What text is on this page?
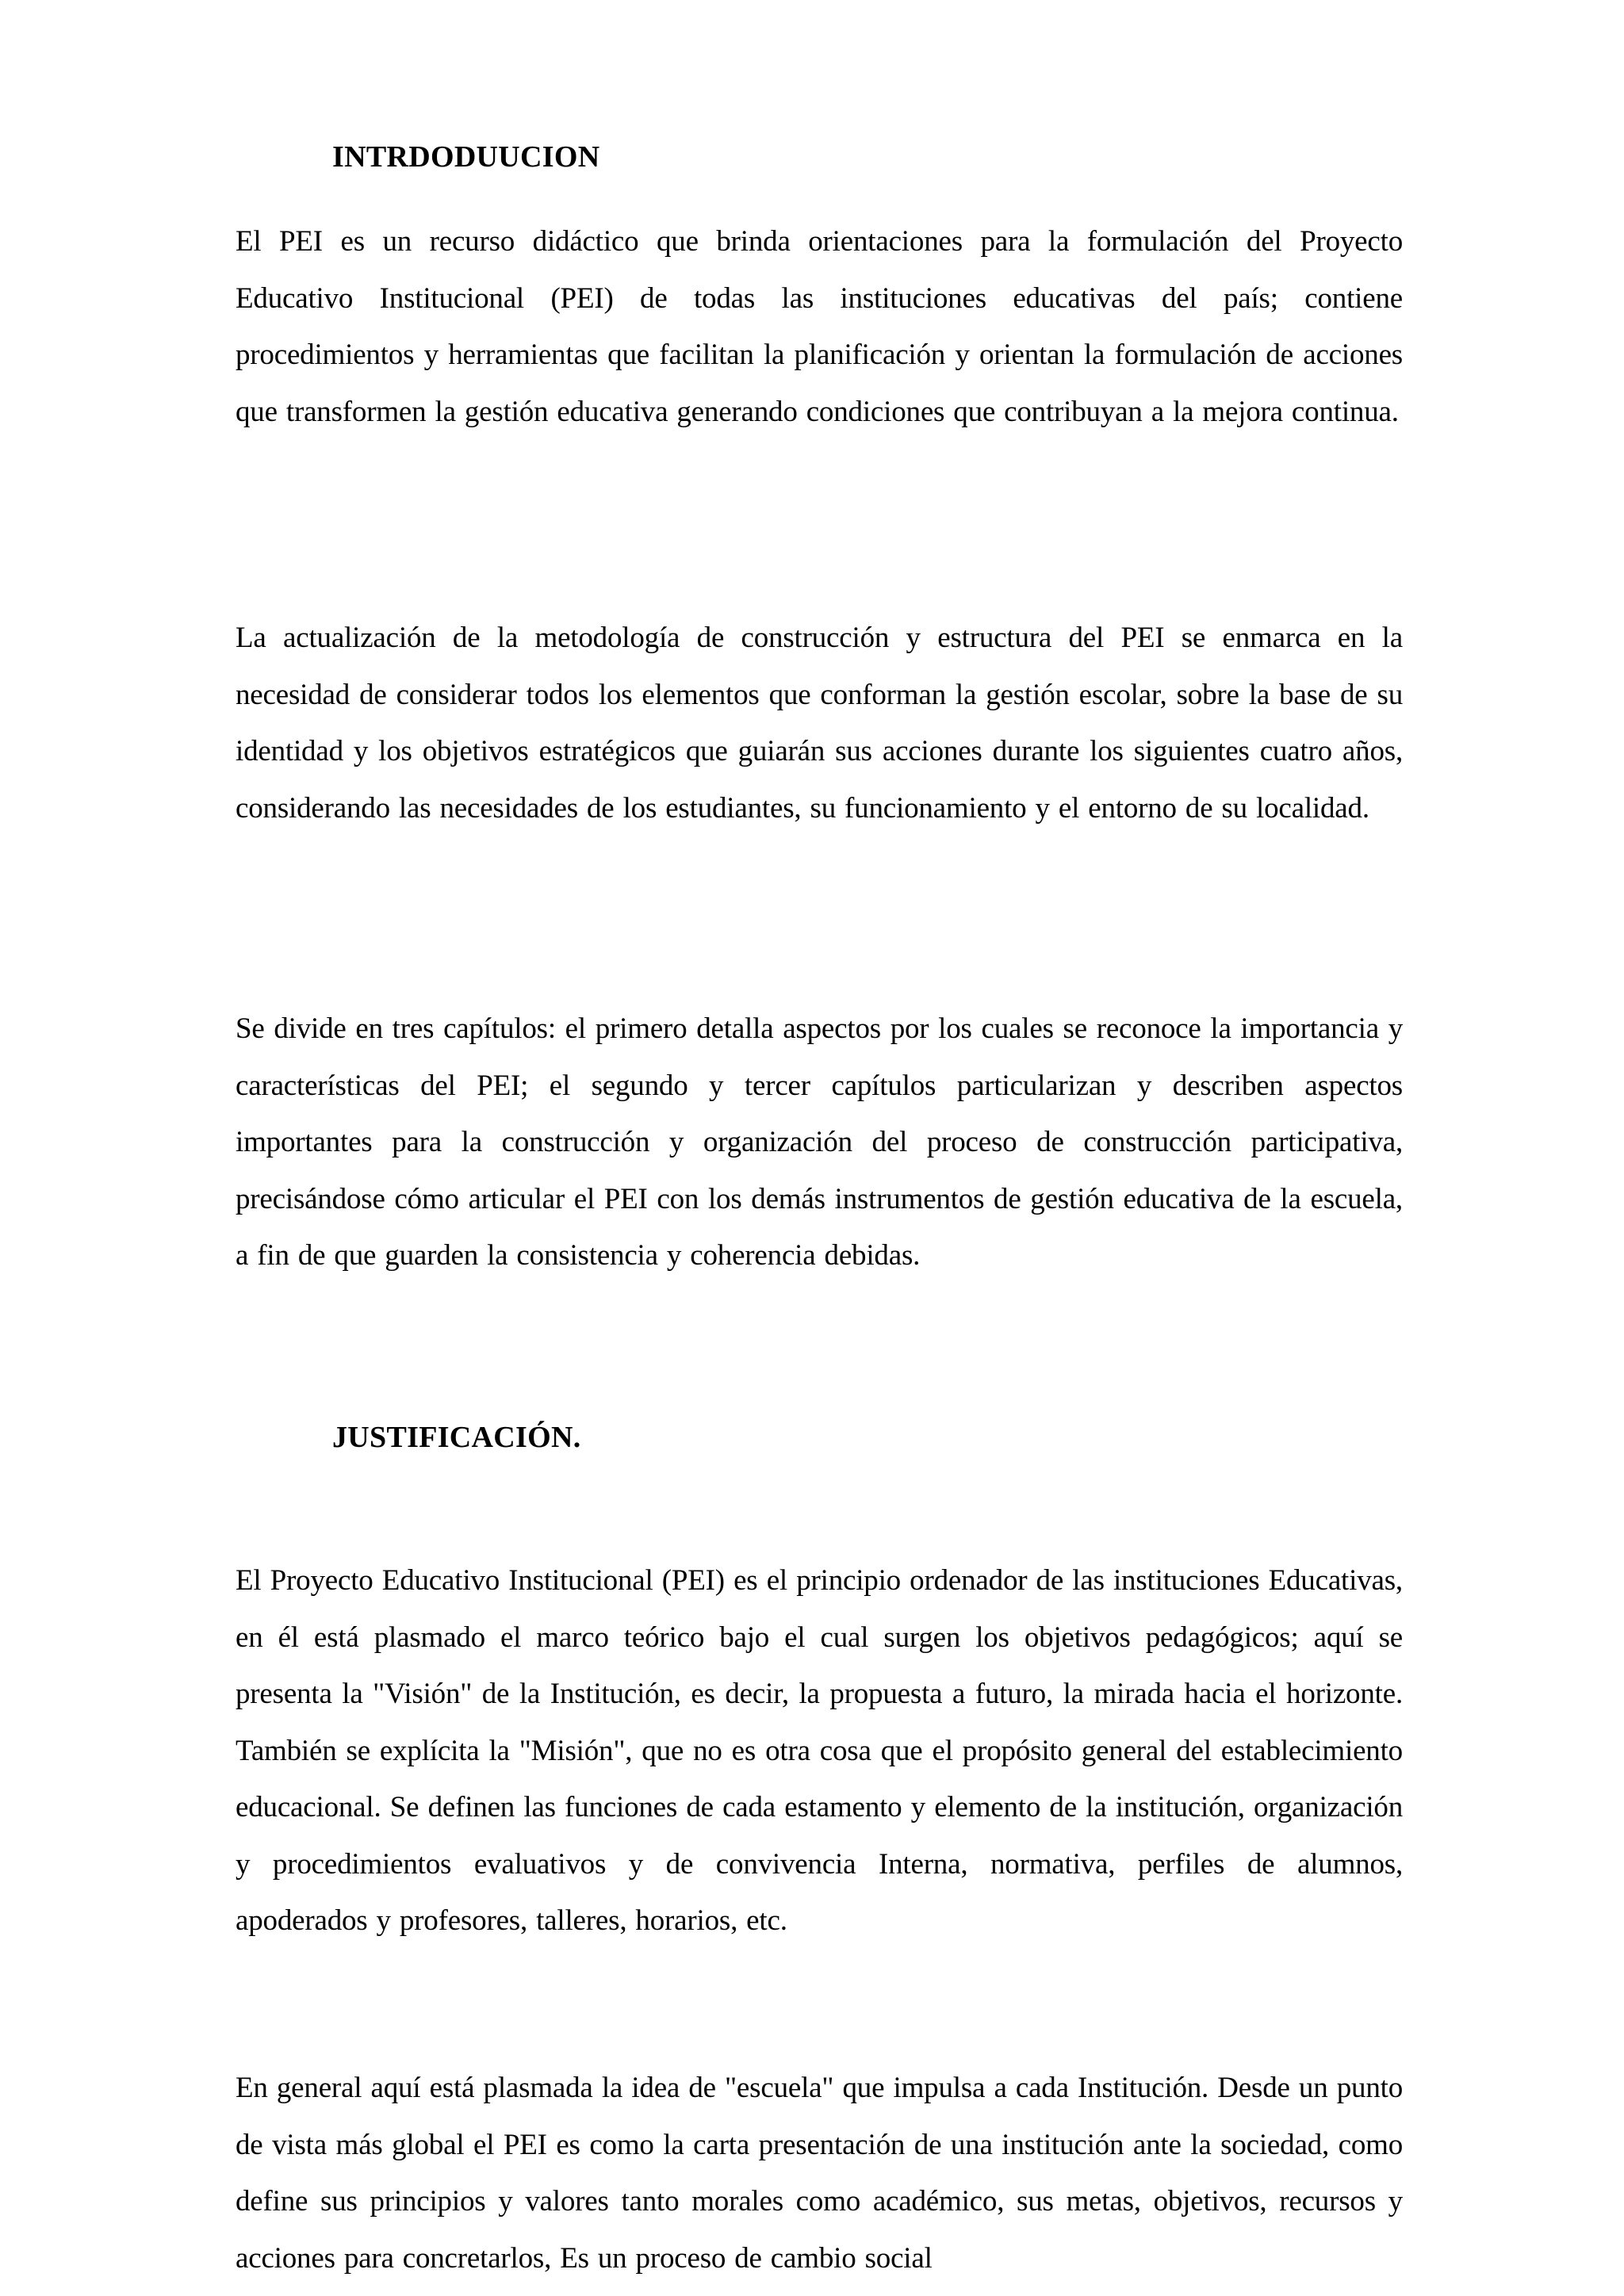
INTRDODUUCION

El PEI es un recurso didáctico que brinda orientaciones para la formulación del Proyecto Educativo Institucional (PEI) de todas las instituciones educativas del país; contiene procedimientos y herramientas que facilitan la planificación y orientan la formulación de acciones que transformen la gestión educativa generando condiciones que contribuyan a la mejora continua.

La actualización de la metodología de construcción y estructura del PEI se enmarca en la necesidad de considerar todos los elementos que conforman la gestión escolar, sobre la base de su identidad y los objetivos estratégicos que guiarán sus acciones durante los siguientes cuatro años, considerando las necesidades de los estudiantes, su funcionamiento y el entorno de su localidad.

Se divide en tres capítulos: el primero detalla aspectos por los cuales se reconoce la importancia y características del PEI; el segundo y tercer capítulos particularizan y describen aspectos importantes para la construcción y organización del proceso de construcción participativa, precisándose cómo articular el PEI con los demás instrumentos de gestión educativa de la escuela, a fin de que guarden la consistencia y coherencia debidas.

JUSTIFICACIÓN.

El Proyecto Educativo Institucional (PEI) es el principio ordenador de las instituciones Educativas, en él está plasmado el marco teórico bajo el cual surgen los objetivos pedagógicos; aquí se presenta la "Visión" de la Institución, es decir, la propuesta a futuro, la mirada hacia el horizonte. También se explícita la "Misión", que no es otra cosa que el propósito general del establecimiento educacional. Se definen las funciones de cada estamento y elemento de la institución, organización y procedimientos evaluativos y de convivencia Interna, normativa, perfiles de alumnos, apoderados y profesores, talleres, horarios, etc.

En general aquí está plasmada la idea de "escuela" que impulsa a cada Institución. Desde un punto de vista más global el PEI es como la carta presentación de una institución ante la sociedad, como define sus principios y valores tanto morales como académico, sus metas, objetivos, recursos y acciones para concretarlos, Es un proceso de cambio social
